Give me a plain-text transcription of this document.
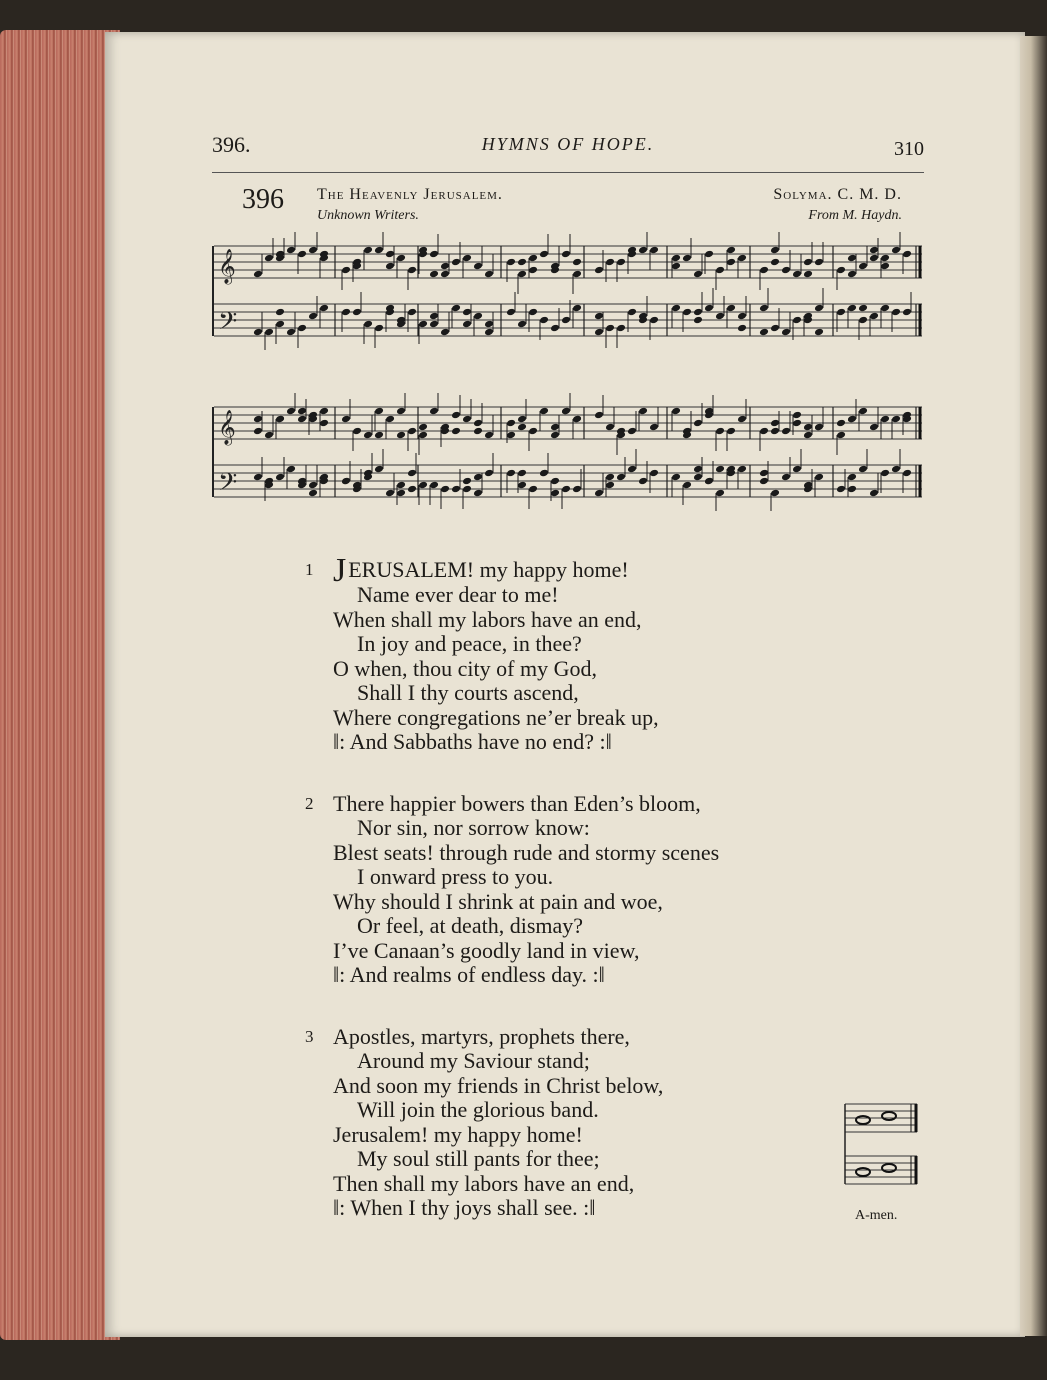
396.	HYMNS OF HOPE.	310
396 The Heavenly Jerusalem.
Unknown Writers.
Solyma. C. M. D.
From M. Haydn.
𝄞
𝄢
𝄞
𝄢
1 JERUSALEM! my happy home!
Name ever dear to me!
When shall my labors have an end,
In joy and peace, in thee?
O when, thou city of my God,
Shall I thy courts ascend,
Where congregations ne’er break up,
‖: And Sabbaths have no end? :‖
2 There happier bowers than Eden’s bloom,
Nor sin, nor sorrow know:
Blest seats! through rude and stormy scenes
I onward press to you.
Why should I shrink at pain and woe,
Or feel, at death, dismay?
I’ve Canaan’s goodly land in view,
‖: And realms of endless day. :‖
3 Apostles, martyrs, prophets there,
Around my Saviour stand;
And soon my friends in Christ below,
Will join the glorious band.
Jerusalem! my happy home!
My soul still pants for thee;
Then shall my labors have an end,
‖: When I thy joys shall see. :‖	A-men.
